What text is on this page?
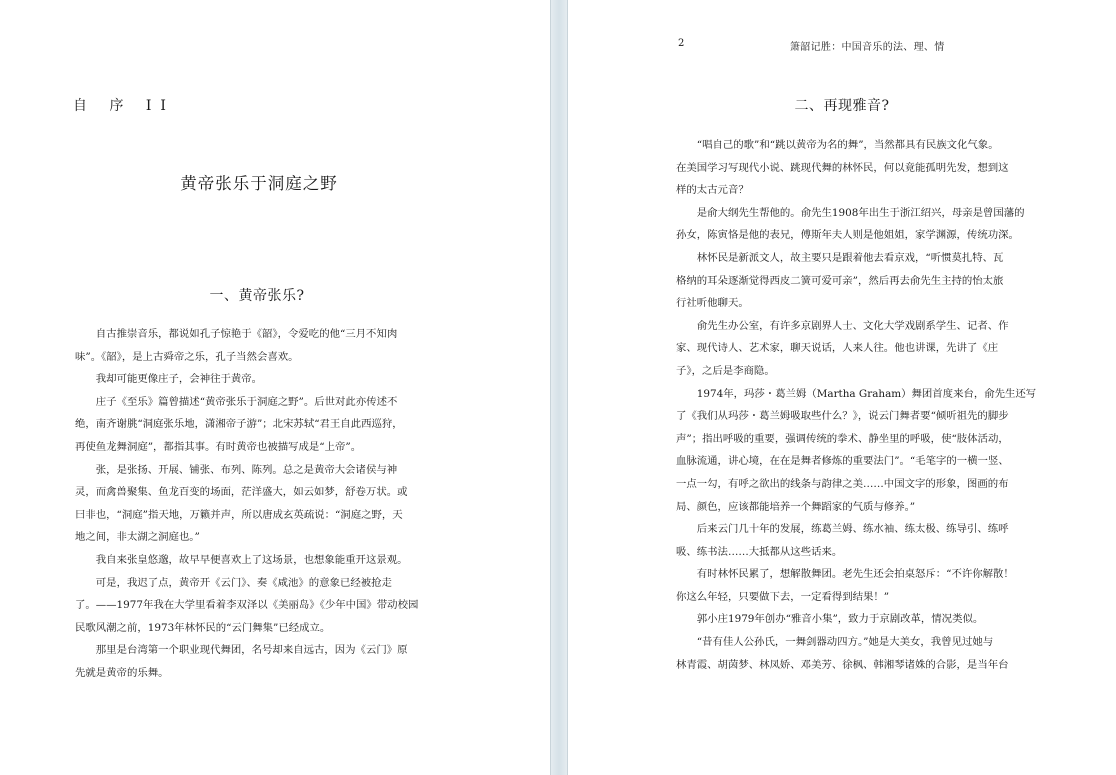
自 序 II
黄帝张乐于洞庭之野
一、黄帝张乐?

自古推崇音乐，都说如孔子惊艳于《韶》，令爱吃的他“三月不知肉

味”。《韶》，是上古舜帝之乐，孔子当然会喜欢。

我却可能更像庄子，会神往于黄帝。

庄子《至乐》篇曾描述“黄帝张乐于洞庭之野”。后世对此亦传述不

绝，南齐谢朓“洞庭张乐地，潇湘帝子游”；北宋苏轼“君王自此西巡狩，

再使鱼龙舞洞庭”，都指其事。有时黄帝也被描写成是“上帝”。

张，是张扬、开展、铺张、布列、陈列。总之是黄帝大会诸侯与神

灵，而禽兽聚集、鱼龙百变的场面，茫洋盛大，如云如梦，舒卷万状。或

曰非也，“洞庭”指天地，万籁并声，所以唐成玄英疏说：“洞庭之野，天

地之间，非太湖之洞庭也。”

我自来张皇悠邈，故早早便喜欢上了这场景，也想象能重开这景观。

可是，我迟了点，黄帝开《云门》、奏《咸池》的意象已经被抢走

了。——1977年我在大学里看着李双泽以《美丽岛》《少年中国》带动校园

民歌风潮之前，1973年林怀民的“云门舞集”已经成立。

那里是台湾第一个职业现代舞团，名号却来自远古，因为《云门》原

先就是黄帝的乐舞。

2	箫韶记胜：中国音乐的法、理、情
二、再现雅音?

“唱自己的歌”和“跳以黄帝为名的舞”，当然都具有民族文化气象。

在美国学习写现代小说、跳现代舞的林怀民，何以竟能孤明先发，想到这

样的太古元音？

是俞大纲先生帮他的。俞先生1908年出生于浙江绍兴，母亲是曾国藩的

孙女，陈寅恪是他的表兄，傅斯年夫人则是他姐姐，家学渊源，传统功深。

林怀民是新派文人，故主要只是跟着他去看京戏，“听惯莫扎特、瓦

格纳的耳朵逐渐觉得西皮二簧可爱可亲”，然后再去俞先生主持的怡太旅

行社听他聊天。

俞先生办公室，有许多京剧界人士、文化大学戏剧系学生、记者、作

家、现代诗人、艺术家，聊天说话，人来人往。他也讲课，先讲了《庄

子》，之后是李商隐。

1974年，玛莎・葛兰姆（Martha Graham）舞团首度来台，俞先生还写

了《我们从玛莎・葛兰姆吸取些什么？》，说云门舞者要“倾听祖先的脚步

声”；指出呼吸的重要，强调传统的拳术、静坐里的呼吸，使“肢体活动，

血脉流通，讲心境，在在是舞者修炼的重要法门”。“毛笔字的一横一竖、

一点一勾，有呼之欲出的线条与韵律之美……中国文字的形象，图画的布

局、颜色，应该都能培养一个舞蹈家的气质与修养。”

后来云门几十年的发展，练葛兰姆、练水袖、练太极、练导引、练呼

吸、练书法……大抵都从这些话来。

有时林怀民累了，想解散舞团。老先生还会拍桌怒斥：“不许你解散！

你这么年轻，只要做下去，一定看得到结果！”

郭小庄1979年创办“雅音小集”，致力于京剧改革，情况类似。

“昔有佳人公孙氏，一舞剑器动四方。”她是大美女，我曾见过她与

林青霞、胡茵梦、林凤娇、邓美芳、徐枫、韩湘琴诸姝的合影，是当年台
